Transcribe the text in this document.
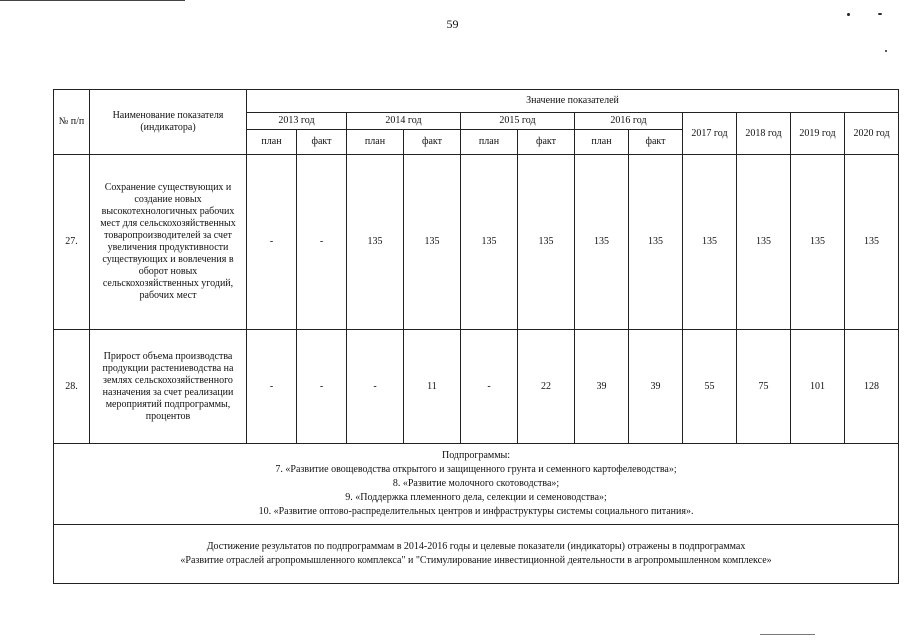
59
№ п/п	Наименование показателя (индикатора)	Значение показателей											
		2013 год		2014 год		2015 год		2016 год		2017 год	2018 год	2019 год	2020 год
		план	факт	план	факт	план	факт	план	факт				
27.	Сохранение существующих и создание новых высокотехнологичных рабочих мест для сельскохозяйственных товаропроизводителей за счет увеличения продуктивности существующих и вовлечения в оборот новых сельскохозяйственных угодий, рабочих мест	-	-	135	135	135	135	135	135	135	135	135	135
28.	Прирост объема производства продукции растениеводства на землях сельскохозяйственного назначения за счет реализации мероприятий подпрограммы, процентов	-	-	-	11	-	22	39	39	55	75	101	128

Подпрограммы:
7. «Развитие овощеводства открытого и защищенного грунта и семенного картофелеводства»;
8. «Развитие молочного скотоводства»;
9. «Поддержка племенного дела, селекции и семеноводства»;
10. «Развитие оптово-распределительных центров и инфраструктуры системы социального питания».													

Достижение результатов по подпрограммам в 2014-2016 годы и целевые показатели (индикаторы) отражены в подпрограммах
«Развитие отраслей агропромышленного комплекса" и "Стимулирование инвестиционной деятельности в агропромышленном комплексе»													
